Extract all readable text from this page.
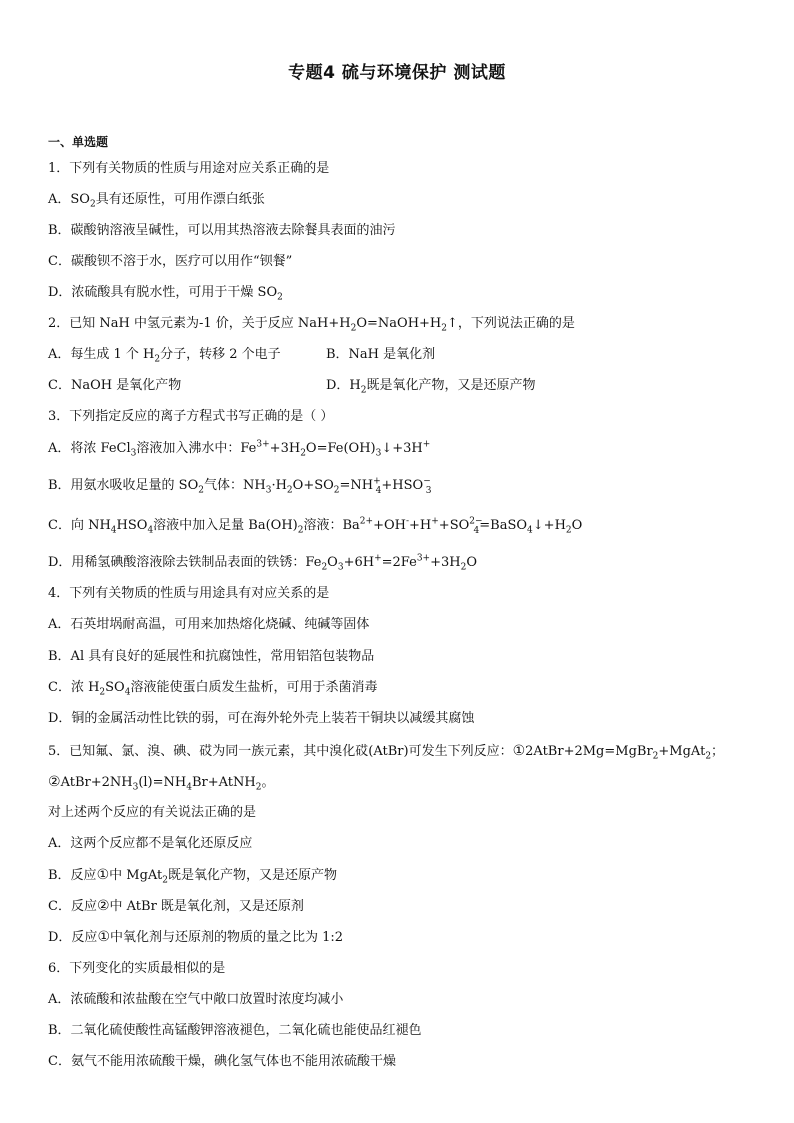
专题4 硫与环境保护 测试题
一、单选题
1．下列有关物质的性质与用途对应关系正确的是
A．$SO_2$具有还原性，可用作漂白纸张
B．碳酸钠溶液呈碱性，可以用其热溶液去除餐具表面的油污
C．碳酸钡不溶于水，医疗可以用作“钡餐”
D．浓硫酸具有脱水性，可用于干燥 $SO_2$
2．已知 NaH 中氢元素为-1 价，关于反应 $NaH+H_2O=NaOH+H_2↑$，下列说法正确的是
A．每生成 1 个 $H_2$分子，转移 2 个电子	B．NaH 是氧化剂
C．NaOH 是氧化产物	D．$H_2$既是氧化产物，又是还原产物
3．下列指定反应的离子方程式书写正确的是（ ）
A．将浓 FeCl$_3$溶液加入沸水中：$Fe^{3+}+3H_2O=Fe(OH)_3↓+3H^+$
B．用氨水吸收足量的 $SO_2$气体：$NH_3\cdot H_2O+SO_2=NH^+_4+HSO^-_3$
C．向 $NH_4HSO_4$溶液中加入足量 $Ba(OH)_2$溶液：$Ba^{2+}+OH^-+H^++SO^{2-}_4=BaSO_4↓+H_2O$
D．用稀氢碘酸溶液除去铁制品表面的铁锈：$Fe_2O_3+6H^+=2Fe^{3+}+3H_2O$
4．下列有关物质的性质与用途具有对应关系的是
A．石英坩埚耐高温，可用来加热熔化烧碱、纯碱等固体
B．Al 具有良好的延展性和抗腐蚀性，常用铝箔包装物品
C．浓 $H_2SO_4$溶液能使蛋白质发生盐析，可用于杀菌消毒
D．铜的金属活动性比铁的弱，可在海外轮外壳上装若干铜块以减缓其腐蚀
5．已知氟、氯、溴、碘、砹为同一族元素，其中溴化砹(AtBr)可发生下列反应：①2AtBr+2Mg=MgBr$_2$+MgAt$_2$；
$②AtBr+2NH_3(l)=NH_4Br+AtNH_2$。
对上述两个反应的有关说法正确的是
A．这两个反应都不是氧化还原反应
B．反应①中 MgAt$_2$既是氧化产物，又是还原产物
C．反应②中 AtBr 既是氧化剂，又是还原剂
D．反应①中氧化剂与还原剂的物质的量之比为 1:2
6．下列变化的实质最相似的是
A．浓硫酸和浓盐酸在空气中敞口放置时浓度均减小
B．二氧化硫使酸性高锰酸钾溶液褪色，二氧化硫也能使品红褪色
C．氨气不能用浓硫酸干燥，碘化氢气体也不能用浓硫酸干燥
